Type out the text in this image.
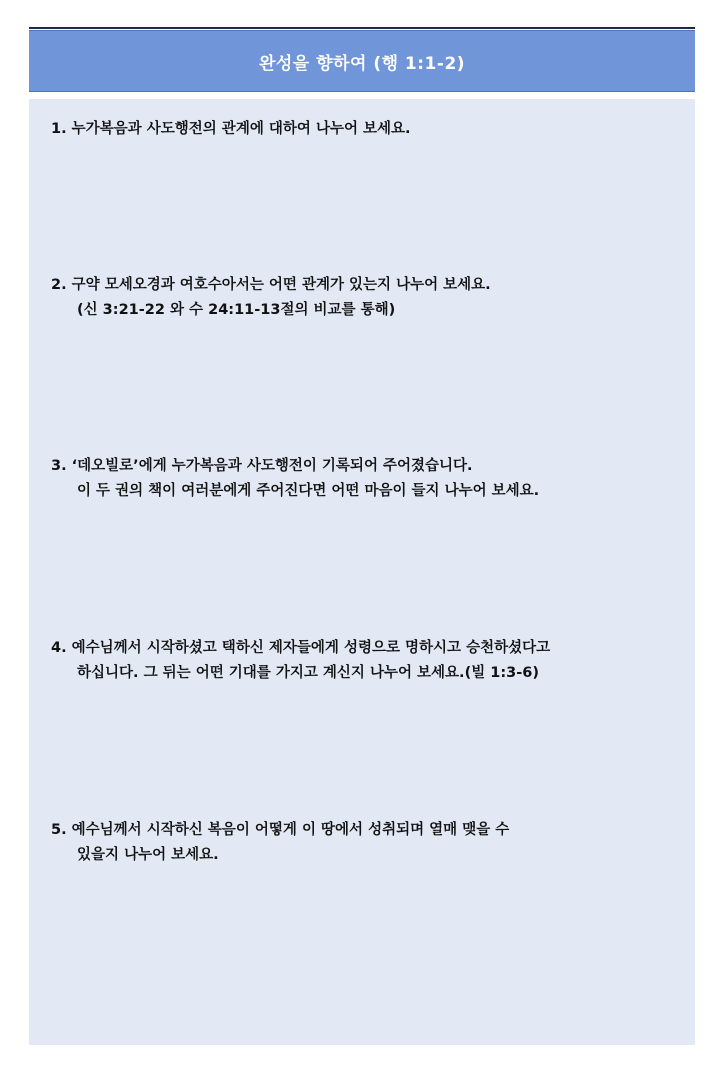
완성을 향하여 (행 1:1-2)
1. 누가복음과 사도행전의 관계에 대하여 나누어 보세요.
2. 구약 모세오경과 여호수아서는 어떤 관계가 있는지 나누어 보세요.
(신 3:21-22 와 수 24:11-13절의 비교를 통해)
3. ‘데오빌로’에게 누가복음과 사도행전이 기록되어 주어졌습니다.
이 두 권의 책이 여러분에게 주어진다면 어떤 마음이 들지 나누어 보세요.
4. 예수님께서 시작하셨고 택하신 제자들에게 성령으로 명하시고 승천하셨다고
하십니다. 그 뒤는 어떤 기대를 가지고 계신지 나누어 보세요.(빌 1:3-6)
5. 예수님께서 시작하신 복음이 어떻게 이 땅에서 성취되며 열매 맺을 수
있을지 나누어 보세요.
